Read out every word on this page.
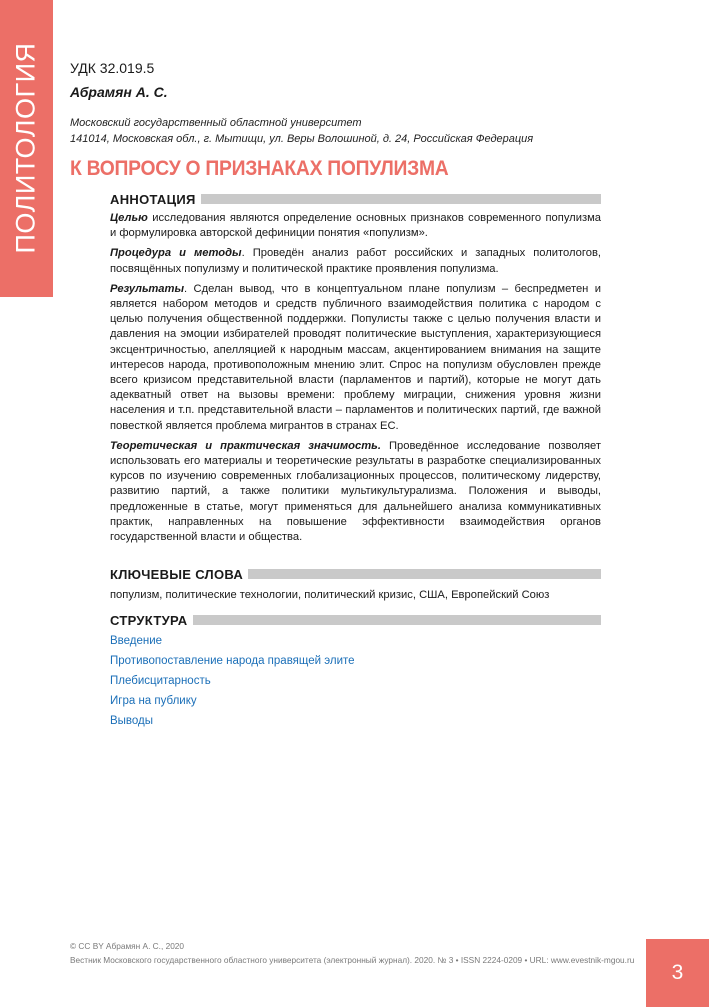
ПОЛИТОЛОГИЯ УДК 32.019.5
Абрамян А. С.
Московский государственный областной университет
141014, Московская обл., г. Мытищи, ул. Веры Волошиной, д. 24, Российская Федерация
К ВОПРОСУ О ПРИЗНАКАХ ПОПУЛИЗМА
АННОТАЦИЯ

Целью исследования являются определение основных признаков современного популизма и формулировка авторской дефиниции понятия «популизм».

Процедура и методы. Проведён анализ работ российских и западных политологов, посвящённых популизму и политической практике проявления популизма.

Результаты. Сделан вывод, что в концептуальном плане популизм – беспредметен и является набором методов и средств публичного взаимодействия политика с народом с целью получения общественной поддержки. Популисты также с целью получения власти и давления на эмоции избирателей проводят политические выступления, характеризующиеся эксцентричностью, апелляцией к народным массам, акцентированием внимания на защите интересов народа, противоположным мнению элит. Спрос на популизм обусловлен прежде всего кризисом представительной власти (парламентов и партий), которые не могут дать адекватный ответ на вызовы времени: проблему миграции, снижения уровня жизни населения и т.п. представительной власти – парламентов и политических партий, где важной повесткой является проблема мигрантов в странах ЕС.

Теоретическая и практическая значимость. Проведённое исследование позволяет использовать его материалы и теоретические результаты в разработке специализированных курсов по изучению современных глобализационных процессов, политическому лидерству, развитию партий, а также политики мультикультурализма. Положения и выводы, предложенные в статье, могут применяться для дальнейшего анализа коммуникативных практик, направленных на повышение эффективности взаимодействия органов государственной власти и общества.

КЛЮЧЕВЫЕ СЛОВА
популизм, политические технологии, политический кризис, США, Европейский Союз
СТРУКТУРА
Введение
Противопоставление народа правящей элите
Плебисцитарность
Игра на публику
Выводы
© CC BY Абрамян А. С., 2020
Вестник Московского государственного областного университета (электронный журнал). 2020. № 3 • ISSN 2224-0209 • URL: www.evestnik-mgou.ru
3
